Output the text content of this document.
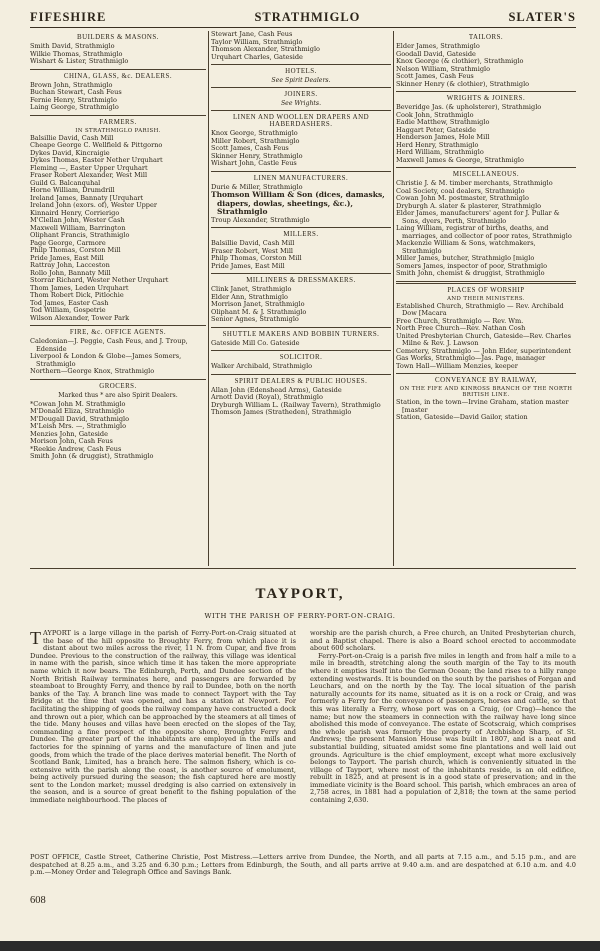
FIFESHIRE	STRATHMIGLO	SLATER'S

BUILDERS & MASONS.

Smith David, Strathmiglo

Wilkie Thomas, Strathmiglo

Wishart & Lister, Strathmiglo

CHINA, GLASS, &c. DEALERS.

Brown John, Strathmiglo

Buchan Stewart, Cash Feus

Fernie Henry, Strathmiglo

Laing George, Strathmiglo

FARMERS.

IN STRATHMIGLO PARISH.

Balsillie David, Cash Mill

Cheape George C. Wellfield & Pittgorno

Dykes David, Kincraigie

Dykes Thomas, Easter Nether Urquhart

Fleming —, Easter Upper Urquhart

Fraser Robert Alexander, West Mill

Guild G. Balcanquhal

Horne William, Drumdrill

Ireland James, Bannaty [Urquhart

Ireland John (exors. of), Wester Upper

Kinnaird Henry, Corrierigo

M'Clellan John, Wester Cash

Maxwell William, Barrington

Oliphant Francis, Strathmiglo

Page George, Carmore

Philp Thomas, Corston Mill

Pride James, East Mill

Rattray John, Lacceston

Rollo John, Bannaty Mill

Storrar Richard, Wester Nether Urquhart

Thom James, Leden Urquhart

Thom Robert Dick, Pitlochie

Tod James, Easter Cash

Tod William, Gospetrie

Wilson Alexander, Tower Park

FIRE, &c. OFFICE AGENTS.

Caledonian—J. Peggie, Cash Feus, and J. Troup, Edenside

Liverpool & London & Globe—James Somers, Strathmiglo

Northern—George Knox, Strathmiglo

GROCERS.

Marked thus * are also Spirit Dealers.

*Cowan John M. Strathmiglo

M'Donald Eliza, Strathmiglo

M'Dougall David, Strathmiglo

M'Leish Mrs. —, Strathmiglo

Menzies John, Gateside

Morison John, Cash Feus

*Reekie Andrew, Cash Feus

Smith John (& druggist), Strathmiglo

Stewart Jane, Cash Feus

Taylor William, Strathmiglo

Thomson Alexander, Strathmiglo

Urquhart Charles, Gateside

HOTELS.

See Spirit Dealers.

JOINERS.

See Wrights.

LINEN AND WOOLLEN DRAPERS AND HABERDASHERS.

Knox George, Strathmiglo

Miller Robert, Strathmiglo

Scott James, Cash Feus

Skinner Henry, Strathmiglo

Wishart John, Castle Feus

LINEN MANUFACTURERS.

Durie & Miller, Strathmiglo

Thomson William & Son (dices, damasks, diapers, dowlas, sheetings, &c.), Strathmiglo

Troup Alexander, Strathmiglo

MILLERS.

Balsillie David, Cash Mill

Fraser Robert, West Mill

Philp Thomas, Corston Mill

Pride James, East Mill

MILLINERS & DRESSMAKERS.

Clink Janet, Strathmiglo

Elder Ann, Strathmiglo

Morrison Janet, Strathmiglo

Oliphant M. & J. Strathmiglo

Senior Agnes, Strathmiglo

SHUTTLE MAKERS AND BOBBIN TURNERS.

Gateside Mill Co. Gateside

SOLICITOR.

Walker Archibald, Strathmiglo

SPIRIT DEALERS & PUBLIC HOUSES.

Allan John (Edenshead Arms), Gateside

Arnott David (Royal), Strathmiglo

Dryburgh William L. (Railway Tavern), Strathmiglo

Thomson James (Stratheden), Strathmiglo

TAILORS.

Elder James, Strathmiglo

Goodall David, Gateside

Knox George (& clothier), Strathmiglo

Nelson William, Strathmiglo

Scott James, Cash Feus

Skinner Henry (& clothier), Strathmiglo

WRIGHTS & JOINERS.

Beveridge Jas. (& upholsterer), Strathmiglo

Cook John, Strathmiglo

Eadie Matthew, Strathmiglo

Haggart Peter, Gateside

Henderson James, Hole Mill

Herd Henry, Strathmiglo

Herd William, Strathmiglo

Maxwell James & George, Strathmiglo

MISCELLANEOUS.

Christie J. & M. timber merchants, Strathmiglo

Coal Society, coal dealers, Strathmiglo

Cowan John M. postmaster, Strathmiglo

Dryburgh A. slater & plasterer, Strathmiglo

Elder James, manufacturers' agent for J. Pullar & Sons, dyers, Perth, Strathmiglo

Laing William, registrar of births, deaths, and marriages, and collector of poor rates, Strathmiglo

Mackenzie William & Sons, watchmakers, Strathmiglo

Miller James, butcher, Strathmiglo [miglo

Somers James, inspector of poor, Strathmiglo

Smith John, chemist & druggist, Strathmiglo

PLACES OF WORSHIP

AND THEIR MINISTERS.

Established Church, Strathmiglo — Rev. Archibald Dow [Macara

Free Church, Strathmiglo — Rev. Wm.

North Free Church—Rev. Nathan Cosh

United Presbyterian Church, Gateside—Rev. Charles Milne & Rev. J. Lawson

Cemetery, Strathmiglo — John Elder, superintendent

Gas Works, Strathmiglo—Jas. Page, manager

Town Hall—William Menzies, keeper

CONVEYANCE BY RAILWAY,

ON THE FIFE AND KINROSS BRANCH OF THE NORTH BRITISH LINE.

Station, in the town—Irvine Graham, station master [master

Station, Gateside—David Gailor, station

TAYPORT,
WITH THE PARISH OF FERRY-PORT-ON-CRAIG.
TAYPORT is a large village in the parish of Ferry-Port-on-Craig situated at the base of the hill opposite to Broughty Ferry, from which place it is distant about two miles across the river, 11 N. from Cupar, and five from Dundee. Previous to the construction of the railway, this village was identical in name with the parish, since which time it has taken the more appropriate name which it now bears. The Edinburgh, Perth, and Dundee section of the North British Railway terminates here, and passengers are forwarded by steamboat to Broughty Ferry, and thence by rail to Dundee, both on the north banks of the Tay. A branch line was made to connect Tayport with the Tay Bridge at the time that was opened, and has a station at Newport. For facilitating the shipping of goods the railway company have constructed a dock and thrown out a pier, which can be approached by the steamers at all times of the tide. Many houses and villas have been erected on the slopes of the Tay, commanding a fine prospect of the opposite shore, Broughty Ferry and Dundee. The greater part of the inhabitants are employed in the mills and factories for the spinning of yarns and the manufacture of linen and jute goods, from which the trade of the place derives material benefit. The North of Scotland Bank, Limited, has a branch here. The salmon fishery, which is co-extensive with the parish along the coast, is another source of emolument, being actively pursued during the season; the fish captured here are mostly sent to the London market; mussel dredging is also carried on extensively in the season, and is a source of great benefit to the fishing population of the immediate neighbourhood. The places of
worship are the parish church, a Free church, an United Presbyterian church, and a Baptist chapel. There is also a Board school erected to accommodate about 600 scholars.
Ferry-Port-on-Craig is a parish five miles in length and from half a mile to a mile in breadth, stretching along the south margin of the Tay to its mouth where it empties itself into the German Ocean; the land rises to a hilly range extending westwards. It is bounded on the south by the parishes of Forgan and Leuchars, and on the north by the Tay. The local situation of the parish naturally accounts for its name, situated as it is on a rock or Craig, and was formerly a Ferry for the conveyance of passengers, horses and cattle, so that this was literally a Ferry, whose port was on a Craig, (or Crag)—hence the name; but now the steamers in connection with the railway have long since abolished this mode of conveyance. The estate of Scotscraig, which comprises the whole parish was formerly the property of Archbishop Sharp, of St. Andrews; the present Mansion House was built in 1807, and is a neat and substantial building, situated amidst some fine plantations and well laid out grounds. Agriculture is the chief employment, except what more exclusively belongs to Tayport. The parish church, which is conveniently situated in the village of Tayport, where most of the inhabitants reside, is an old edifice, rebuilt in 1825, and at present is in a good state of preservation; and in the immediate vicinity is the Board school. This parish, which embraces an area of 2,758 acres, in 1881 had a population of 2,818; the town at the same period containing 2,630.

POST OFFICE, Castle Street, Catherine Christie, Post Mistress.—Letters arrive from Dundee, the North, and all parts at 7.15 a.m., and 5.15 p.m., and are despatched at 8.25 a.m., and 3.25 and 6.30 p.m.; Letters from Edinburgh, the South, and all parts arrive at 9.40 a.m. and are despatched at 6.10 a.m. and 4.0 p.m.—Money Order and Telegraph Office and Savings Bank.

608
